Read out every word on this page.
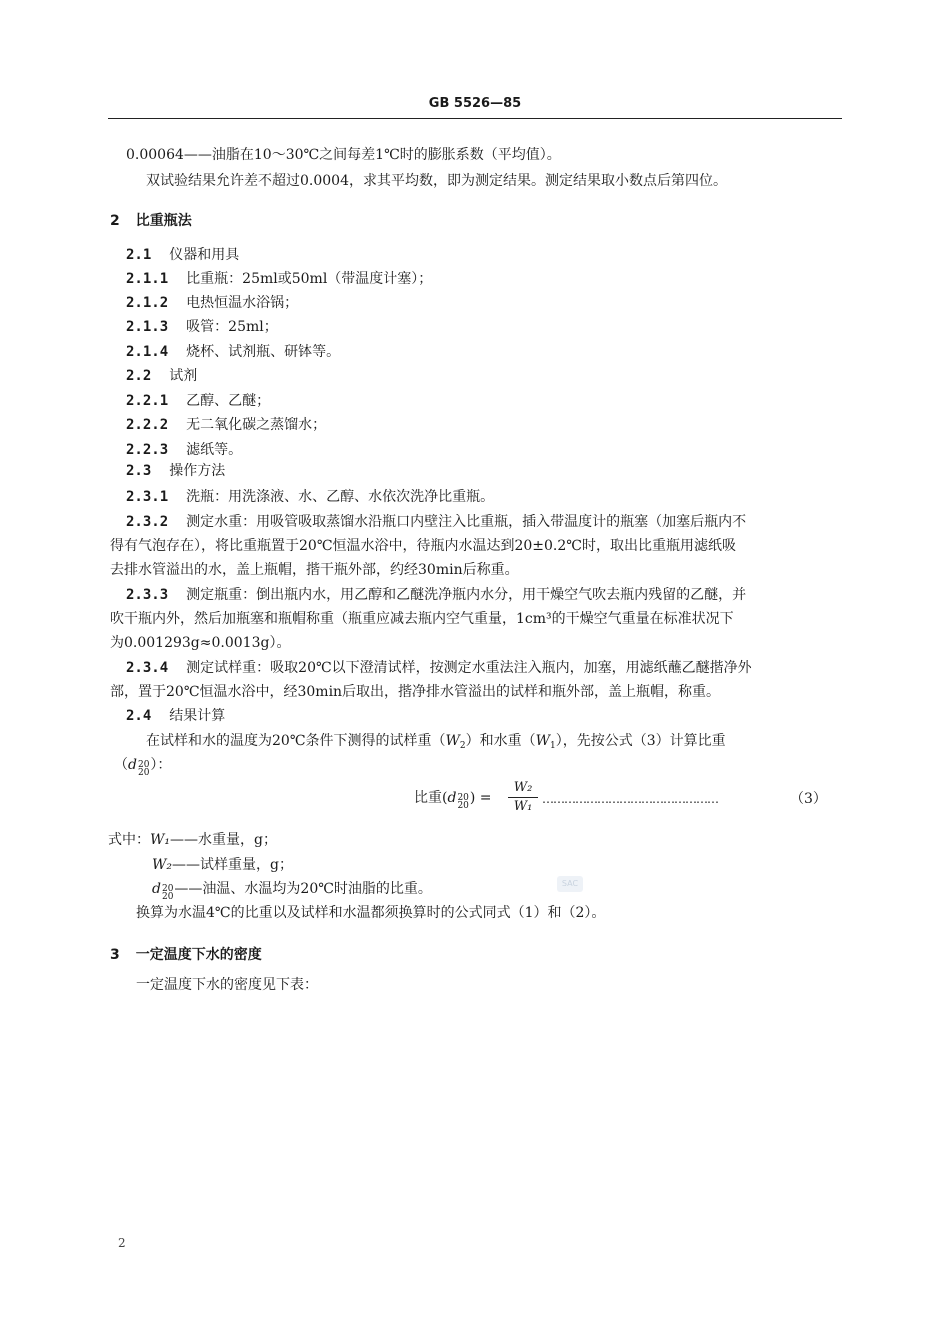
GB 5526—85
0.00064——油脂在10～30℃之间每差1℃时的膨胀系数（平均值）。
双试验结果允许差不超过0.0004，求其平均数，即为测定结果。测定结果取小数点后第四位。
2 比重瓶法
2.1 仪器和用具
2.1.1 比重瓶：25ml或50ml（带温度计塞）；
2.1.2 电热恒温水浴锅；
2.1.3 吸管：25ml；
2.1.4 烧杯、试剂瓶、研钵等。
2.2 试剂
2.2.1 乙醇、乙醚；
2.2.2 无二氧化碳之蒸馏水；
2.2.3 滤纸等。
2.3 操作方法
2.3.1 洗瓶：用洗涤液、水、乙醇、水依次洗净比重瓶。
2.3.2 测定水重：用吸管吸取蒸馏水沿瓶口内壁注入比重瓶，插入带温度计的瓶塞（加塞后瓶内不
得有气泡存在），将比重瓶置于20℃恒温水浴中，待瓶内水温达到20±0.2℃时，取出比重瓶用滤纸吸
去排水管溢出的水，盖上瓶帽，揩干瓶外部，约经30min后称重。
2.3.3 测定瓶重：倒出瓶内水，用乙醇和乙醚洗净瓶内水分，用干燥空气吹去瓶内残留的乙醚，并
吹干瓶内外，然后加瓶塞和瓶帽称重（瓶重应减去瓶内空气重量，1cm³的干燥空气重量在标准状况下
为0.001293g≈0.0013g）。
2.3.4 测定试样重：吸取20℃以下澄清试样，按测定水重法注入瓶内，加塞，用滤纸蘸乙醚揩净外
部，置于20℃恒温水浴中，经30min后取出，揩净排水管溢出的试样和瓶外部，盖上瓶帽，称重。
2.4 结果计算
在试样和水的温度为20℃条件下测得的试样重$(W_2)$和水重$(W_1)$，先按公式（3）计算比重
（d20
20）：
比重(d20
20) =
W₂
W₁ …………………………………………	（3）
式中：W₁——水重量，g；
W₂——试样重量，g；
d20
20——油温、水温均为20℃时油脂的比重。	SAC
换算为水温4℃的比重以及试样和水温都须换算时的公式同式（1）和（2）。
3 一定温度下水的密度
一定温度下水的密度见下表：
2
